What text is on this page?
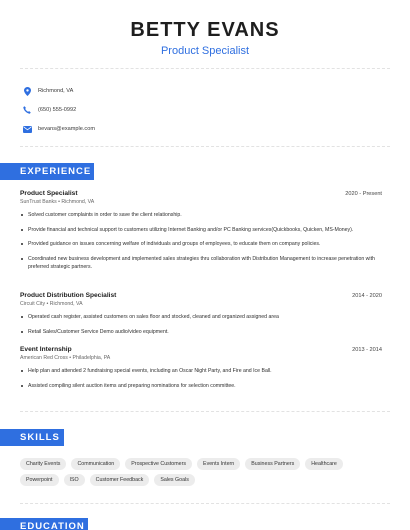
BETTY EVANS
Product Specialist
Richmond, VA
(650) 555-0992
bevans@example.com
EXPERIENCE
Product Specialist	2020 - Present
SunTrust Banks • Richmond, VA
Solved customer complaints in order to save the client relationship.
Provide financial and technical support to customers utilizing Internet Banking and/or PC Banking services(Quickbooks, Quicken, MS-Money).
Provided guidance on issues concerning welfare of individuals and groups of employees, to educate them on company policies.
Coordinated new business development and implemented sales strategies thru collaboration with Distribution Management to increase penetration with preferred strategic partners.
Product Distribution Specialist	2014 - 2020
Circuit City • Richmond, VA
Operated cash register, assisted customers on sales floor and stocked, cleaned and organized assigned area
Retail Sales/Customer Service Demo audio/video equipment.
Event Internship	2013 - 2014
American Red Cross • Philadelphia, PA
Help plan and attended 2 fundraising special events, including an Oscar Night Party, and Fire and Ice Ball.
Assisted compiling silent auction items and preparing nominations for selection committee.
SKILLS
Charity Events	Communication	Prospective Customers	Events Intern	Business Partners	Healthcare
Powerpoint	ISO	Customer Feedback	Sales Goals
EDUCATION
